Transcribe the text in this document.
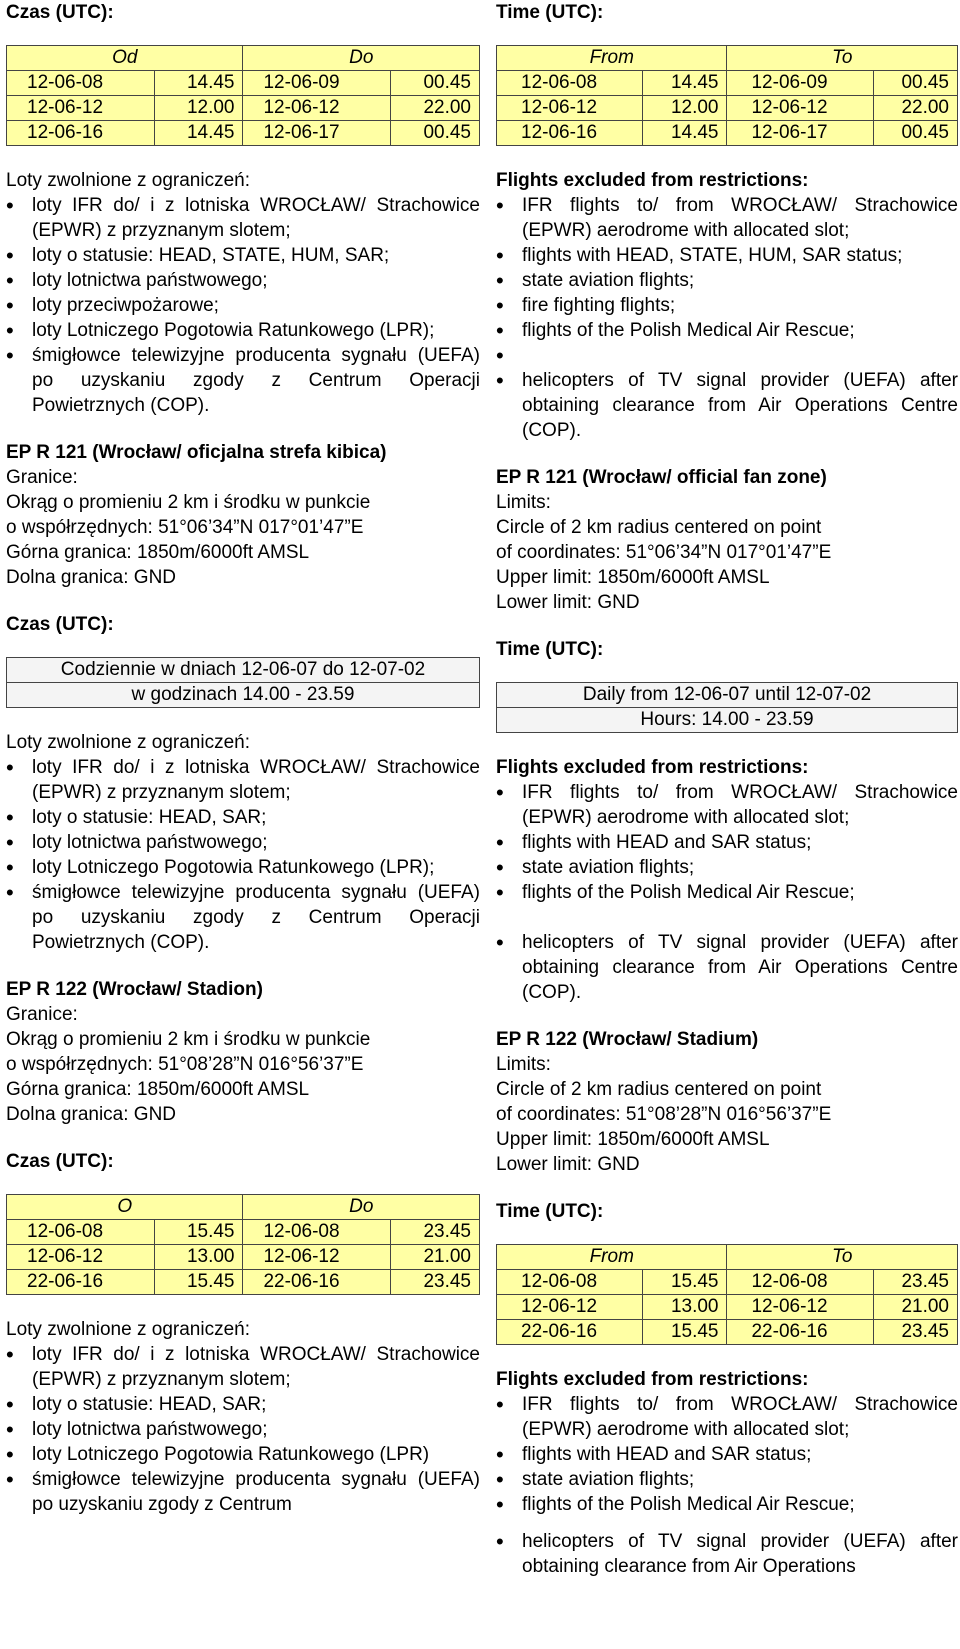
Czas (UTC):

Od		Do	
12-06-08	14.45	12-06-09	00.45
12-06-12	12.00	12-06-12	22.00
12-06-16	14.45	12-06-17	00.45

Loty zwolnione z ograniczeń:

• loty IFR do/ i z lotniska WROCŁAW/ Strachowice (EPWR) z przyznanym slotem;
• loty o statusie: HEAD, STATE, HUM, SAR;
• loty lotnictwa państwowego;
• loty przeciwpożarowe;
• loty Lotniczego Pogotowia Ratunkowego (LPR);
• śmigłowce telewizyjne producenta sygnału (UEFA) po uzyskaniu zgody z Centrum Operacji Powietrznych (COP).

EP R 121 (Wrocław/ oficjalna strefa kibica)

Granice:

Okrąg o promieniu 2 km i środku w punkcie

o współrzędnych: 51°06’34”N 017°01’47”E

Górna granica: 1850m/6000ft AMSL

Dolna granica: GND

Czas (UTC):

Codziennie w dniach 12-06-07 do 12-07-02
w godzinach 14.00 - 23.59

Loty zwolnione z ograniczeń:

• loty IFR do/ i z lotniska WROCŁAW/ Strachowice (EPWR) z przyznanym slotem;
• loty o statusie: HEAD, SAR;
• loty lotnictwa państwowego;
• loty Lotniczego Pogotowia Ratunkowego (LPR);
• śmigłowce telewizyjne producenta sygnału (UEFA) po uzyskaniu zgody z Centrum Operacji Powietrznych (COP).

EP R 122 (Wrocław/ Stadion)

Granice:

Okrąg o promieniu 2 km i środku w punkcie

o współrzędnych: 51°08’28”N 016°56’37”E

Górna granica: 1850m/6000ft AMSL

Dolna granica: GND

Czas (UTC):

O		Do	
12-06-08	15.45	12-06-08	23.45
12-06-12	13.00	12-06-12	21.00
22-06-16	15.45	22-06-16	23.45

Loty zwolnione z ograniczeń:

• loty IFR do/ i z lotniska WROCŁAW/ Strachowice (EPWR) z przyznanym slotem;
• loty o statusie: HEAD, SAR;
• loty lotnictwa państwowego;
• loty Lotniczego Pogotowia Ratunkowego (LPR)
• śmigłowce telewizyjne producenta sygnału (UEFA) po uzyskaniu zgody z Centrum

Time (UTC):

From		To	
12-06-08	14.45	12-06-09	00.45
12-06-12	12.00	12-06-12	22.00
12-06-16	14.45	12-06-17	00.45

Flights excluded from restrictions:

• IFR flights to/ from WROCŁAW/ Strachowice (EPWR) aerodrome with allocated slot;
• flights with HEAD, STATE, HUM, SAR status;
• state aviation flights;
• fire fighting flights;
• flights of the Polish Medical Air Rescue;
•
• helicopters of TV signal provider (UEFA) after obtaining clearance from Air Operations Centre (COP).

EP R 121 (Wrocław/ official fan zone)

Limits:

Circle of 2 km radius centered on point

of coordinates: 51°06’34”N 017°01’47”E

Upper limit: 1850m/6000ft AMSL

Lower limit: GND

Time (UTC):

Daily from 12-06-07 until 12-07-02
Hours: 14.00 - 23.59

Flights excluded from restrictions:

• IFR flights to/ from WROCŁAW/ Strachowice (EPWR) aerodrome with allocated slot;
• flights with HEAD and SAR status;
• state aviation flights;
• flights of the Polish Medical Air Rescue;
• helicopters of TV signal provider (UEFA) after obtaining clearance from Air Operations Centre (COP).

EP R 122 (Wrocław/ Stadium)

Limits:

Circle of 2 km radius centered on point

of coordinates: 51°08’28”N 016°56’37”E

Upper limit: 1850m/6000ft AMSL

Lower limit: GND

Time (UTC):

From		To	
12-06-08	15.45	12-06-08	23.45
12-06-12	13.00	12-06-12	21.00
22-06-16	15.45	22-06-16	23.45

Flights excluded from restrictions:

• IFR flights to/ from WROCŁAW/ Strachowice (EPWR) aerodrome with allocated slot;
• flights with HEAD and SAR status;
• state aviation flights;
• flights of the Polish Medical Air Rescue;
• helicopters of TV signal provider (UEFA) after obtaining clearance from Air Operations
